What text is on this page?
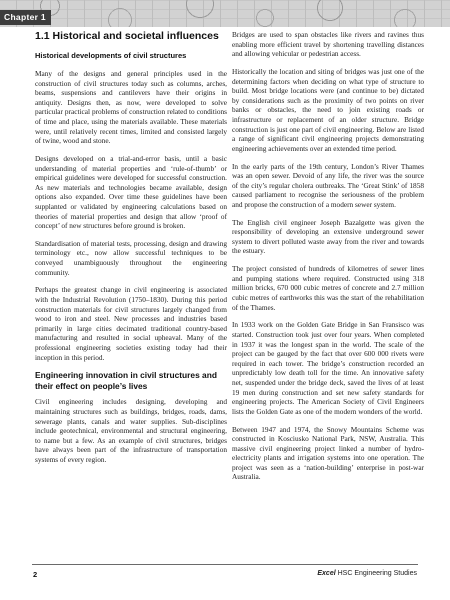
Chapter 1
1.1 Historical and societal influences
Historical developments of civil structures

Many of the designs and general principles used in the construction of civil structures today such as columns, arches, beams, suspensions and cantilevers have their origins in antiquity. Designs then, as now, were developed to solve particular practical problems of construction related to conditions of time and place, using the materials available. These materials were, until relatively recent times, limited and consisted largely of twine, wood and stone.

Designs developed on a trial-and-error basis, until a basic understanding of material properties and ‘rule-of-thumb’ or empirical guidelines were developed for successful construction. As new materials and technologies became available, design options also expanded. Over time these guidelines have been supplanted or validated by engineering calculations based on theories of material properties and design that allow ‘proof of concept’ of new structures before ground is broken.

Standardisation of material tests, processing, design and drawing terminology etc., now allow successful techniques to be conveyed unambiguously throughout the engineering community.

Perhaps the greatest change in civil engineering is associated with the Industrial Revolution (1750–1830). During this period construction materials for civil structures largely changed from wood to iron and steel. New processes and industries based primarily in large cities decimated traditional country-based manufacturing and resulted in social upheaval. Many of the professional engineering societies existing today had their inception in this period.

Engineering innovation in civil structures and their effect on people’s lives

Civil engineering includes designing, developing and maintaining structures such as buildings, bridges, roads, dams, sewerage plants, canals and water supplies. Sub-disciplines include geotechnical, environmental and structural engineering, to name but a few. As an example of civil structures, bridges have always been part of the infrastructure of transportation systems of every region.

Bridges are used to span obstacles like rivers and ravines thus enabling more efficient travel by shortening travelling distances and allowing vehicular or pedestrian access.

Historically the location and siting of bridges was just one of the determining factors when deciding on what type of structure to build. Most bridge locations were (and continue to be) dictated by considerations such as the proximity of two points on river banks or obstacles, the need to join existing roads or infrastructure or replacement of an older structure. Bridge construction is just one part of civil engineering. Below are listed a range of significant civil engineering projects demonstrating engineering achievements over an extended time period.

In the early parts of the 19th century, London’s River Thames was an open sewer. Devoid of any life, the river was the source of the city’s regular cholera outbreaks. The ‘Great Stink’ of 1858 caused parliament to recognise the seriousness of the problem and propose the construction of a modern sewer system.

The English civil engineer Joseph Bazalgette was given the responsibility of developing an extensive underground sewer system to divert polluted waste away from the river and towards the estuary.

The project consisted of hundreds of kilometres of sewer lines and pumping stations where required. Constructed using 318 million bricks, 670 000 cubic metres of concrete and 2.7 million cubic metres of earthworks this was the start of the rehabilitation of the Thames.

In 1933 work on the Golden Gate Bridge in San Fransisco was started. Construction took just over four years. When completed in 1937 it was the longest span in the world. The scale of the project can be gauged by the fact that over 600 000 rivets were required in each tower. The bridge’s construction recorded an unpredictably low death toll for the time. An innovative safety net, suspended under the bridge deck, saved the lives of at least 19 men during construction and set new safety standards for engineering projects. The American Society of Civil Engineers lists the Golden Gate as one of the modern wonders of the world.

Between 1947 and 1974, the Snowy Mountains Scheme was constructed in Kosciusko National Park, NSW, Australia. This massive civil engineering project linked a number of hydro-electricity plants and irrigation systems into one operation. The project was seen as a ‘nation-building’ enterprise in post-war Australia.

2	Excel HSC Engineering Studies
